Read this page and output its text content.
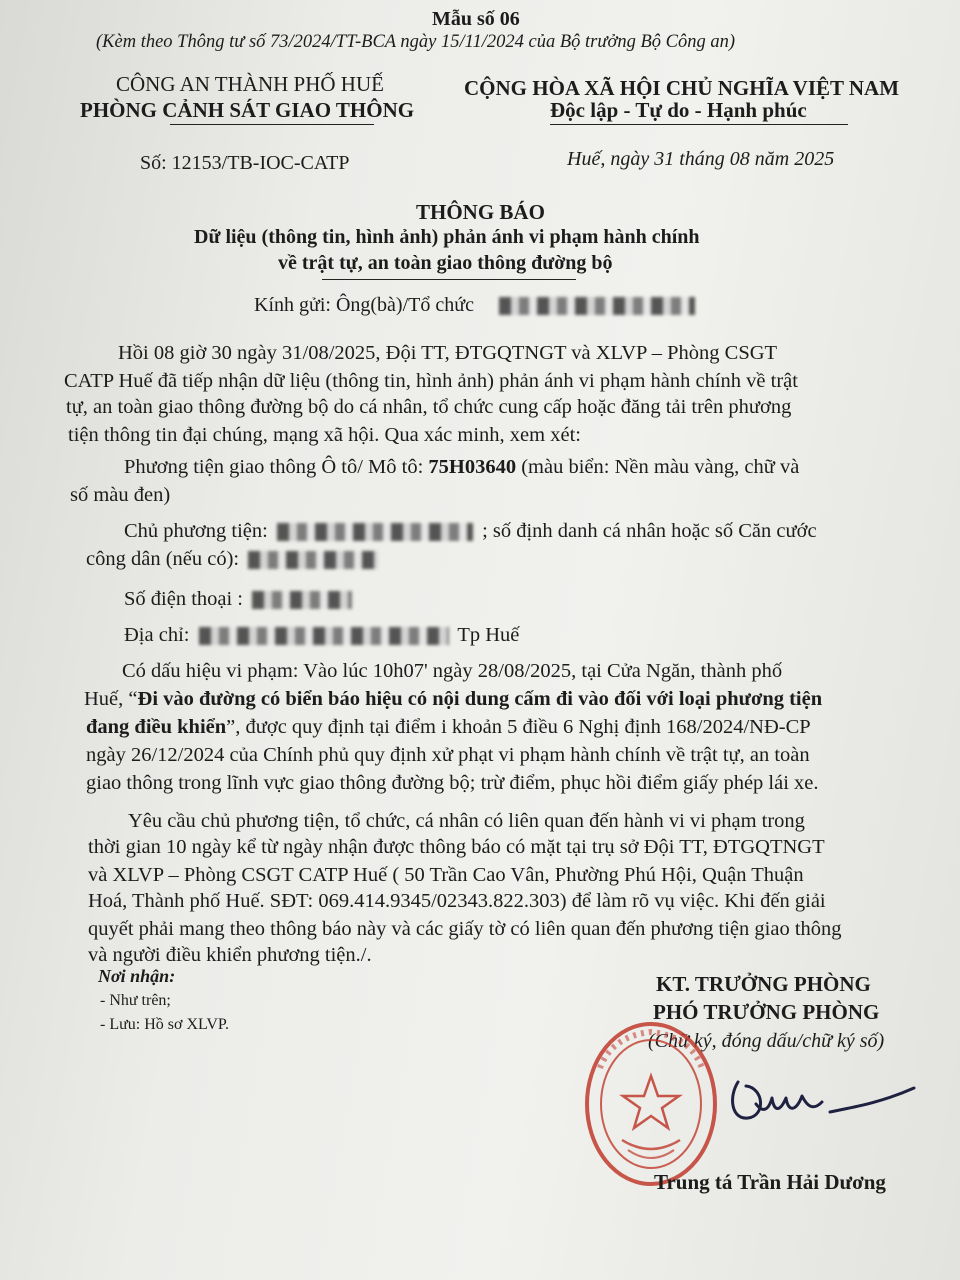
Mẫu số 06
(Kèm theo Thông tư số 73/2024/TT-BCA ngày 15/11/2024 của Bộ trưởng Bộ Công an)
CÔNG AN THÀNH PHỐ HUẾ
PHÒNG CẢNH SÁT GIAO THÔNG
CỘNG HÒA XÃ HỘI CHỦ NGHĨA VIỆT NAM
Độc lập - Tự do - Hạnh phúc
Số: 12153/TB-IOC-CATP	Huế, ngày 31 tháng 08 năm 2025
THÔNG BÁO
Dữ liệu (thông tin, hình ảnh) phản ánh vi phạm hành chính
về trật tự, an toàn giao thông đường bộ
Kính gửi: Ông(bà)/Tổ chức
Hồi 08 giờ 30 ngày 31/08/2025, Đội TT, ĐTGQTNGT và XLVP – Phòng CSGT
CATP Huế đã tiếp nhận dữ liệu (thông tin, hình ảnh) phản ánh vi phạm hành chính về trật
tự, an toàn giao thông đường bộ do cá nhân, tổ chức cung cấp hoặc đăng tải trên phương
tiện thông tin đại chúng, mạng xã hội. Qua xác minh, xem xét:
Phương tiện giao thông Ô tô/ Mô tô: 75H03640 (màu biển: Nền màu vàng, chữ và
số màu đen)
Chủ phương tiện:	; số định danh cá nhân hoặc số Căn cước
công dân (nếu có):
Số điện thoại :
Địa chỉ:	Tp Huế
Có dấu hiệu vi phạm: Vào lúc 10h07' ngày 28/08/2025, tại Cửa Ngăn, thành phố
Huế, “Đi vào đường có biển báo hiệu có nội dung cấm đi vào đối với loại phương tiện
đang điều khiển”, được quy định tại điểm i khoản 5 điều 6 Nghị định 168/2024/NĐ-CP
ngày 26/12/2024 của Chính phủ quy định xử phạt vi phạm hành chính về trật tự, an toàn
giao thông trong lĩnh vực giao thông đường bộ; trừ điểm, phục hồi điểm giấy phép lái xe.
Yêu cầu chủ phương tiện, tổ chức, cá nhân có liên quan đến hành vi vi phạm trong
thời gian 10 ngày kể từ ngày nhận được thông báo có mặt tại trụ sở Đội TT, ĐTGQTNGT
và XLVP – Phòng CSGT CATP Huế ( 50 Trần Cao Vân, Phường Phú Hội, Quận Thuận
Hoá, Thành phố Huế. SĐT: 069.414.9345/02343.822.303) để làm rõ vụ việc. Khi đến giải
quyết phải mang theo thông báo này và các giấy tờ có liên quan đến phương tiện giao thông
và người điều khiển phương tiện./.
Nơi nhận:
- Như trên;
- Lưu: Hồ sơ XLVP.
KT. TRƯỞNG PHÒNG
PHÓ TRƯỞNG PHÒNG
(Chữ ký, đóng dấu/chữ ký số)
Trung tá Trần Hải Dương
